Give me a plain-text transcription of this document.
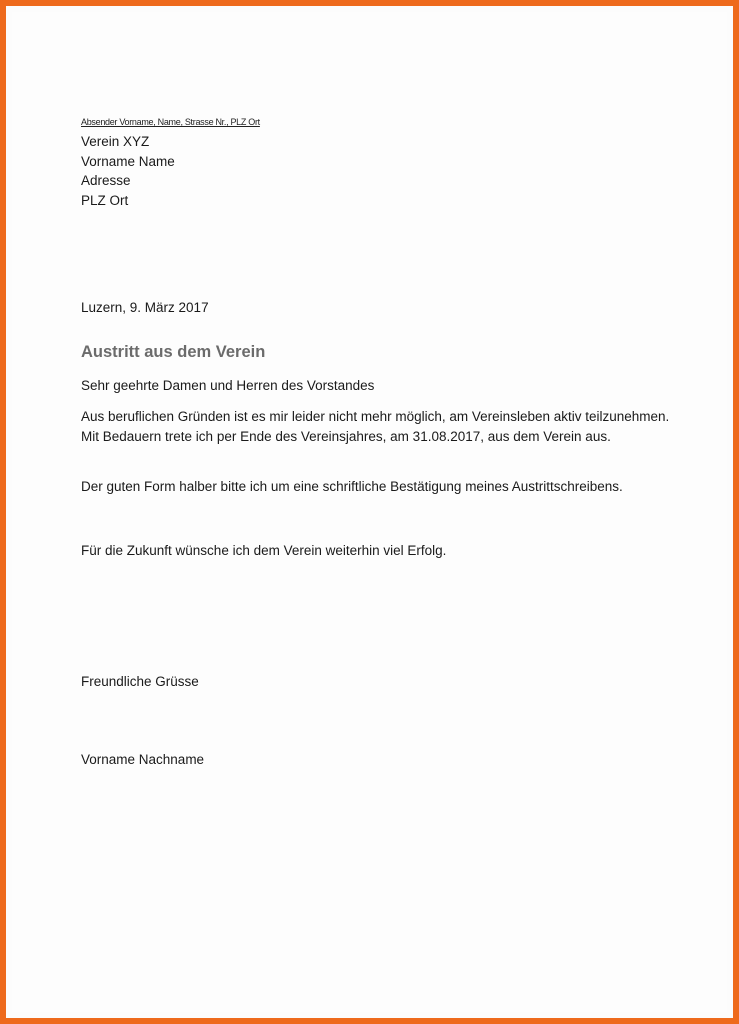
Absender Vorname, Name, Strasse Nr., PLZ Ort
Verein XYZ
Vorname Name
Adresse
PLZ Ort
Luzern, 9. März 2017
Austritt aus dem Verein
Sehr geehrte Damen und Herren des Vorstandes
Aus beruflichen Gründen ist es mir leider nicht mehr möglich, am Vereinsleben aktiv teilzunehmen. Mit Bedauern trete ich per Ende des Vereinsjahres, am 31.08.2017, aus dem Verein aus.
Der guten Form halber bitte ich um eine schriftliche Bestätigung meines Austrittschreibens.
Für die Zukunft wünsche ich dem Verein weiterhin viel Erfolg.
Freundliche Grüsse
Vorname Nachname
